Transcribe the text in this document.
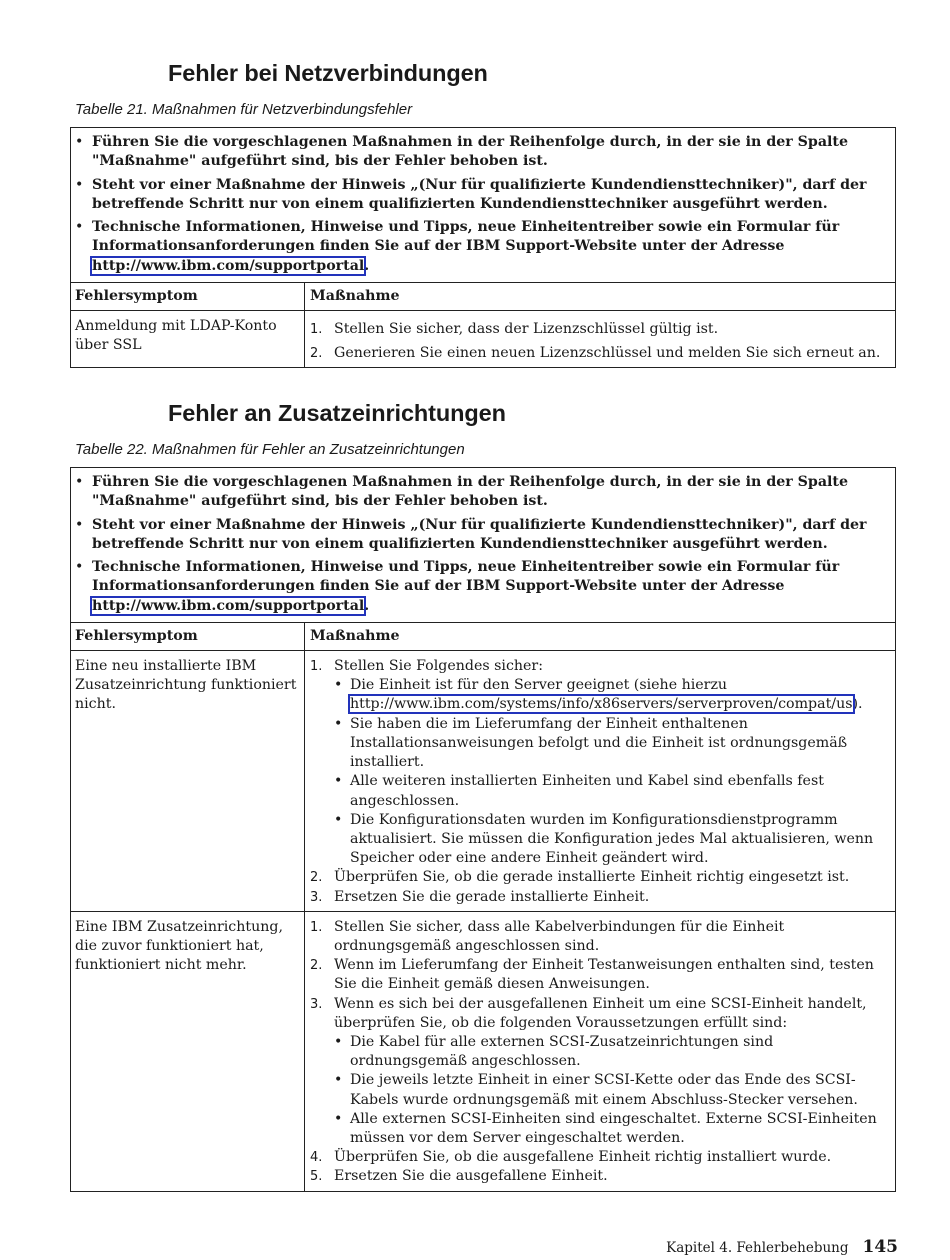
Fehler bei Netzverbindungen

Tabelle 21. Maßnahmen für Netzverbindungsfehler

• Führen Sie die vorgeschlagenen Maßnahmen in der Reihenfolge durch, in der sie in der Spalte "Maßnahme" aufgeführt sind, bis der Fehler behoben ist.
• Steht vor einer Maßnahme der Hinweis „(Nur für qualifizierte Kundendiensttechniker)", darf der betreffende Schritt nur von einem qualifizierten Kundendiensttechniker ausgeführt werden.
• Technische Informationen, Hinweise und Tipps, neue Einheitentreiber sowie ein Formular für Informationsanforderungen finden Sie auf der IBM Support-Website unter der Adresse http://www.ibm.com/supportportal.
Fehlersymptom	Maßnahme
Anmeldung mit LDAP-Konto über SSL
1. Stellen Sie sicher, dass der Lizenzschlüssel gültig ist.
2. Generieren Sie einen neuen Lizenzschlüssel und melden Sie sich erneut an.
Fehler an Zusatzeinrichtungen

Tabelle 22. Maßnahmen für Fehler an Zusatzeinrichtungen

• Führen Sie die vorgeschlagenen Maßnahmen in der Reihenfolge durch, in der sie in der Spalte "Maßnahme" aufgeführt sind, bis der Fehler behoben ist.
• Steht vor einer Maßnahme der Hinweis „(Nur für qualifizierte Kundendiensttechniker)", darf der betreffende Schritt nur von einem qualifizierten Kundendiensttechniker ausgeführt werden.
• Technische Informationen, Hinweise und Tipps, neue Einheitentreiber sowie ein Formular für Informationsanforderungen finden Sie auf der IBM Support-Website unter der Adresse http://www.ibm.com/supportportal.
Fehlersymptom	Maßnahme
Eine neu installierte IBM Zusatzeinrichtung funktioniert nicht.
1. Stellen Sie Folgendes sicher:
• Die Einheit ist für den Server geeignet (siehe hierzu http://www.ibm.com/systems/info/x86servers/serverproven/compat/us).
• Sie haben die im Lieferumfang der Einheit enthaltenen Installationsanweisungen befolgt und die Einheit ist ordnungsgemäß installiert.
• Alle weiteren installierten Einheiten und Kabel sind ebenfalls fest angeschlossen.
• Die Konfigurationsdaten wurden im Konfigurationsdienstprogramm aktualisiert. Sie müssen die Konfiguration jedes Mal aktualisieren, wenn Speicher oder eine andere Einheit geändert wird.
2. Überprüfen Sie, ob die gerade installierte Einheit richtig eingesetzt ist.
3. Ersetzen Sie die gerade installierte Einheit.
Eine IBM Zusatzeinrichtung, die zuvor funktioniert hat, funktioniert nicht mehr.
1. Stellen Sie sicher, dass alle Kabelverbindungen für die Einheit ordnungsgemäß angeschlossen sind.
2. Wenn im Lieferumfang der Einheit Testanweisungen enthalten sind, testen Sie die Einheit gemäß diesen Anweisungen.
3. Wenn es sich bei der ausgefallenen Einheit um eine SCSI-Einheit handelt, überprüfen Sie, ob die folgenden Voraussetzungen erfüllt sind:
• Die Kabel für alle externen SCSI-Zusatzeinrichtungen sind ordnungsgemäß angeschlossen.
• Die jeweils letzte Einheit in einer SCSI-Kette oder das Ende des SCSI-Kabels wurde ordnungsgemäß mit einem Abschluss-Stecker versehen.
• Alle externen SCSI-Einheiten sind eingeschaltet. Externe SCSI-Einheiten müssen vor dem Server eingeschaltet werden.
4. Überprüfen Sie, ob die ausgefallene Einheit richtig installiert wurde.
5. Ersetzen Sie die ausgefallene Einheit.
Kapitel 4. Fehlerbehebung 145
